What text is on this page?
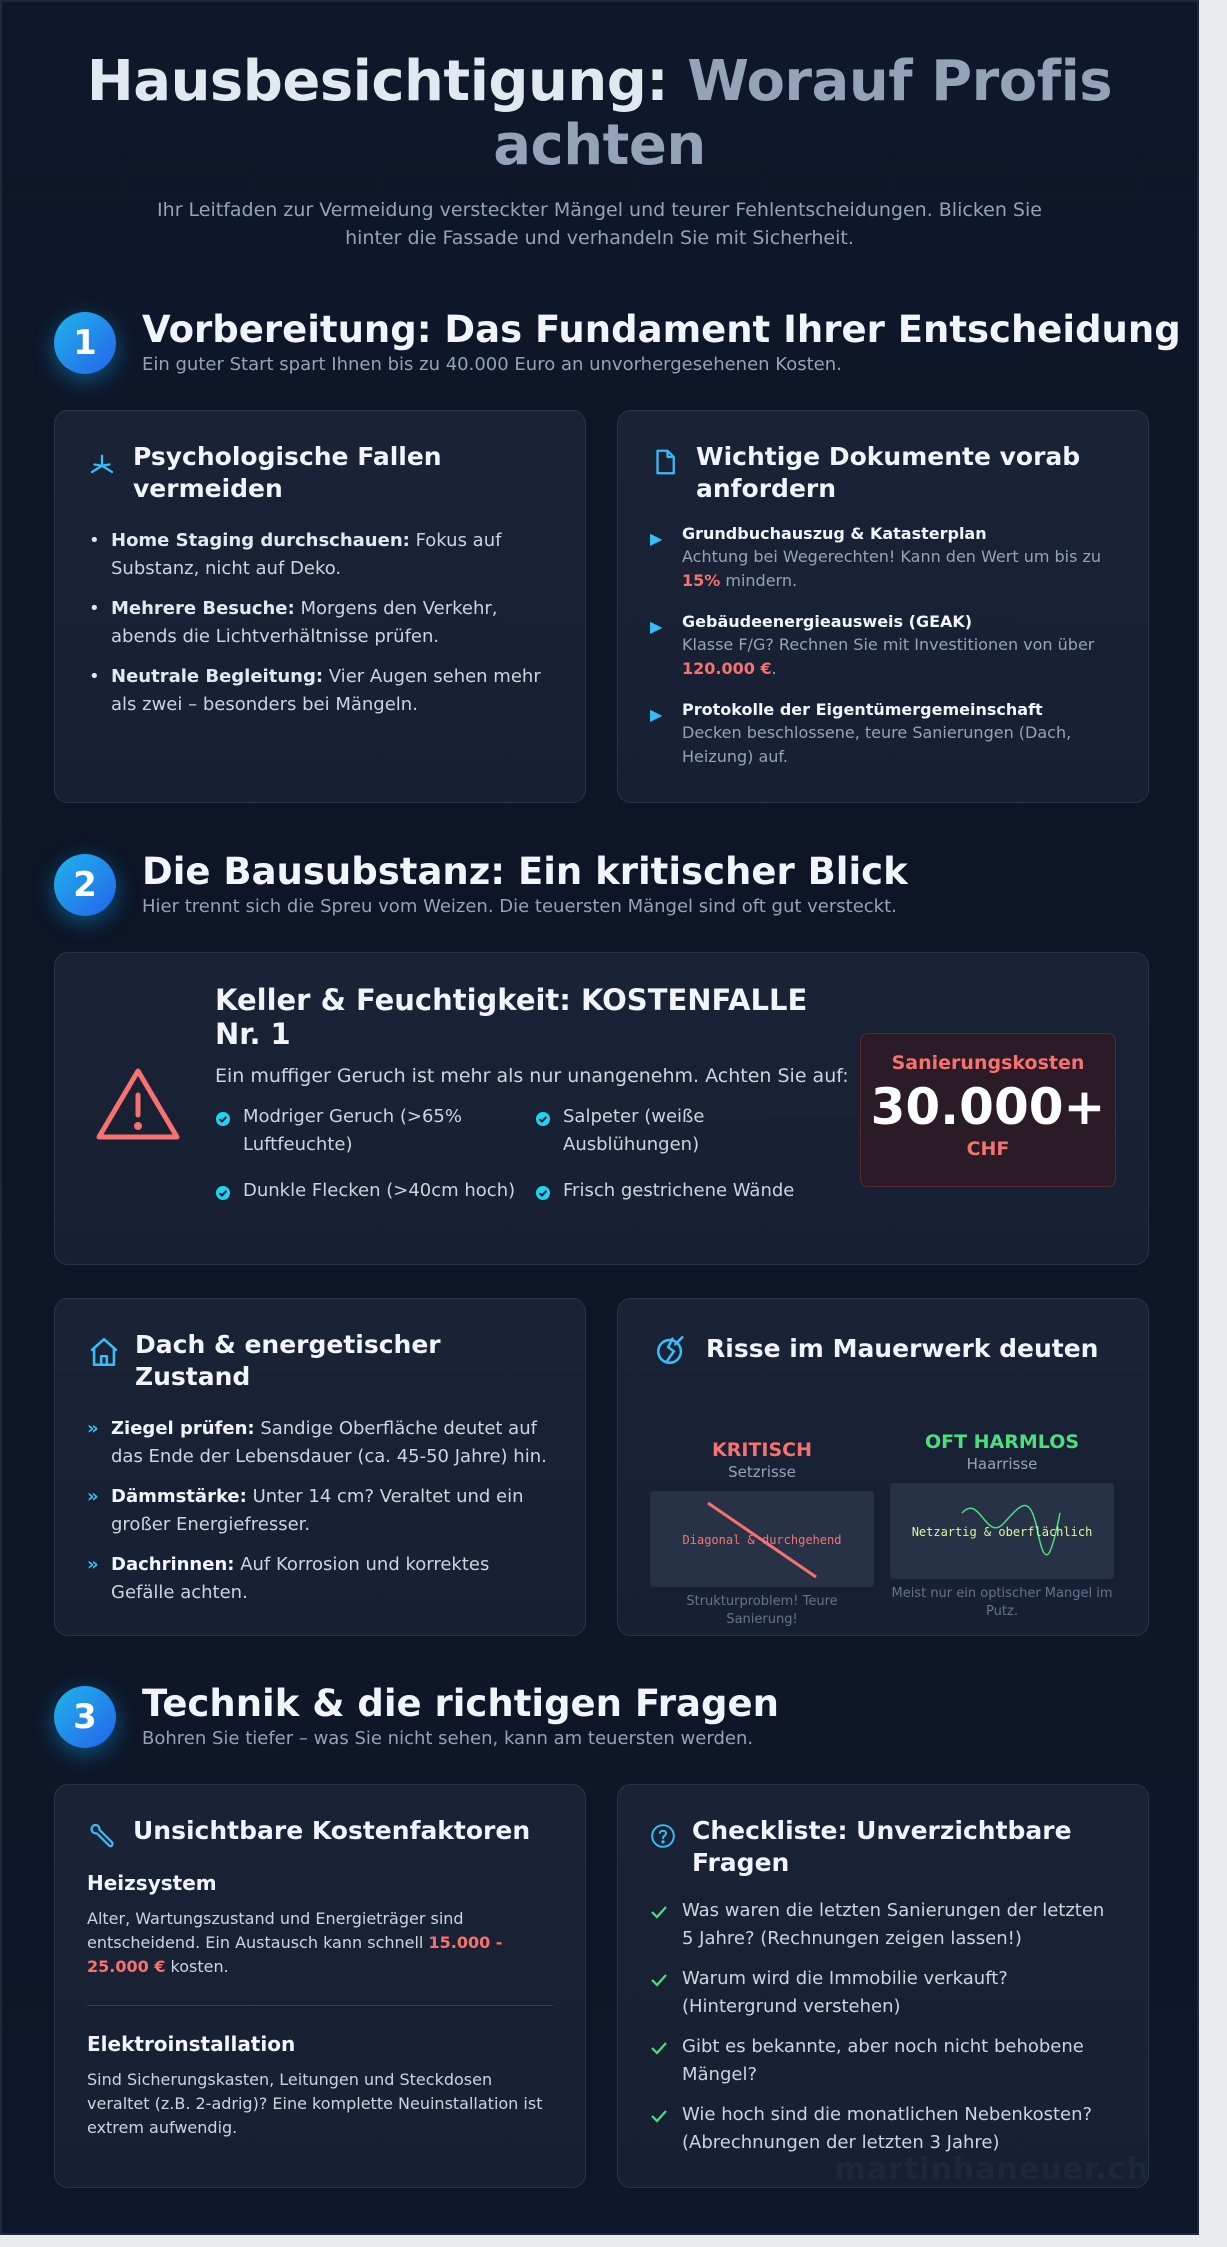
Hausbesichtigung: Worauf Profis achten

Ihr Leitfaden zur Vermeidung versteckter Mängel und teurer Fehlentscheidungen. Blicken Sie hinter die Fassade und verhandeln Sie mit Sicherheit.

1	Vorbereitung: Das Fundament Ihrer Entscheidung
Ein guter Start spart Ihnen bis zu 40.000 Euro an unvorhergesehenen Kosten.
Psychologische Fallen vermeiden
• Home Staging durchschauen: Fokus auf Substanz, nicht auf Deko.
• Mehrere Besuche: Morgens den Verkehr, abends die Lichtverhältnisse prüfen.
• Neutrale Begleitung: Vier Augen sehen mehr als zwei – besonders bei Mängeln.
Wichtige Dokumente vorab anfordern
▶	Grundbuchauszug & Katasterplan
Achtung bei Wegerechten! Kann den Wert um bis zu 15% mindern.
▶	Gebäudeenergieausweis (GEAK)
Klasse F/G? Rechnen Sie mit Investitionen von über 120.000 €.
▶	Protokolle der Eigentümergemeinschaft
Decken beschlossene, teure Sanierungen (Dach, Heizung) auf.
2	Die Bausubstanz: Ein kritischer Blick
Hier trennt sich die Spreu vom Weizen. Die teuersten Mängel sind oft gut versteckt.
Keller & Feuchtigkeit: KOSTENFALLE Nr. 1
Ein muffiger Geruch ist mehr als nur unangenehm. Achten Sie auf:
Modriger Geruch (>65% Luftfeuchte)
Salpeter (weiße Ausblühungen)
Dunkle Flecken (>40cm hoch)	Frisch gestrichene Wände
Sanierungskosten
30.000+
CHF
Dach & energetischer Zustand
» Ziegel prüfen: Sandige Oberfläche deutet auf das Ende der Lebensdauer (ca. 45-50 Jahre) hin.
» Dämmstärke: Unter 14 cm? Veraltet und ein großer Energiefresser.
» Dachrinnen: Auf Korrosion und korrektes Gefälle achten.
Risse im Mauerwerk deuten
KRITISCH
Setzrisse
Diagonal & durchgehend
Strukturproblem! Teure Sanierung!
OFT HARMLOS
Haarrisse
Netzartig & oberflächlich
Meist nur ein optischer Mangel im Putz.
3	Technik & die richtigen Fragen
Bohren Sie tiefer – was Sie nicht sehen, kann am teuersten werden.
Unsichtbare Kostenfaktoren
Heizsystem
Alter, Wartungszustand und Energieträger sind entscheidend. Ein Austausch kann schnell 15.000 - 25.000 € kosten.
Elektroinstallation
Sind Sicherungskasten, Leitungen und Steckdosen veraltet (z.B. 2-adrig)? Eine komplette Neuinstallation ist extrem aufwendig.
Checkliste: Unverzichtbare Fragen
Was waren die letzten Sanierungen der letzten 5 Jahre? (Rechnungen zeigen lassen!)
Warum wird die Immobilie verkauft? (Hintergrund verstehen)
Gibt es bekannte, aber noch nicht behobene Mängel?
Wie hoch sind die monatlichen Nebenkosten? (Abrechnungen der letzten 3 Jahre)
martinhaneuer.ch
